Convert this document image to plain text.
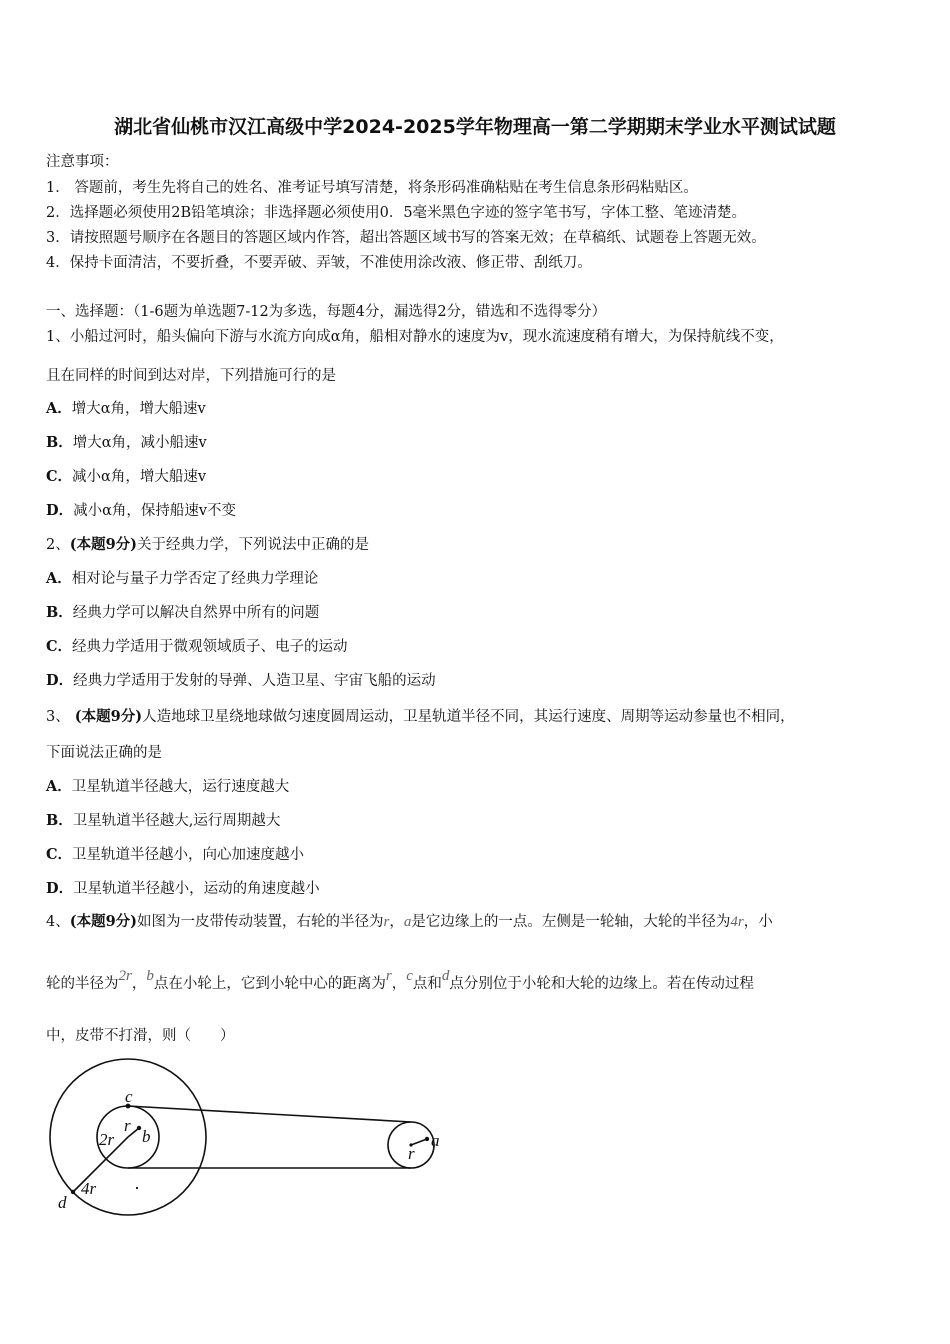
湖北省仙桃市汉江高级中学2024-2025学年物理高一第二学期期末学业水平测试试题
注意事项：
1． 答题前，考生先将自己的姓名、准考证号填写清楚，将条形码准确粘贴在考生信息条形码粘贴区。
2．选择题必须使用2B铅笔填涂；非选择题必须使用0．5毫米黑色字迹的签字笔书写，字体工整、笔迹清楚。
3．请按照题号顺序在各题目的答题区域内作答，超出答题区域书写的答案无效；在草稿纸、试题卷上答题无效。
4．保持卡面清洁，不要折叠，不要弄破、弄皱，不准使用涂改液、修正带、刮纸刀。
一、选择题：（1-6题为单选题7-12为多选，每题4分，漏选得2分，错选和不选得零分）
1、小船过河时，船头偏向下游与水流方向成α角，船相对静水的速度为v，现水流速度稍有增大，为保持航线不变，
且在同样的时间到达对岸，下列措施可行的是
A．增大α角，增大船速v
B．增大α角，减小船速v
C．减小α角，增大船速v
D．减小α角，保持船速v不变
2、(本题9分)关于经典力学，下列说法中正确的是
A．相对论与量子力学否定了经典力学理论
B．经典力学可以解决自然界中所有的问题
C．经典力学适用于微观领域质子、电子的运动
D．经典力学适用于发射的导弹、人造卫星、宇宙飞船的运动
3、 (本题9分)人造地球卫星绕地球做匀速度圆周运动，卫星轨道半径不同，其运行速度、周期等运动参量也不相同，
下面说法正确的是
A．卫星轨道半径越大，运行速度越大
B．卫星轨道半径越大,运行周期越大
C．卫星轨道半径越小，向心加速度越小
D．卫星轨道半径越小，运动的角速度越小
4、(本题9分)如图为一皮带传动装置，右轮的半径为r，a是它边缘上的一点。左侧是一轮轴，大轮的半径为4r，小
轮的半径为2r，b点在小轮上，它到小轮中心的距离为r，c点和d点分别位于小轮和大轮的边缘上。若在传动过程
中，皮带不打滑，则（　　）
c
r
b
2r
4r
d
r
a
